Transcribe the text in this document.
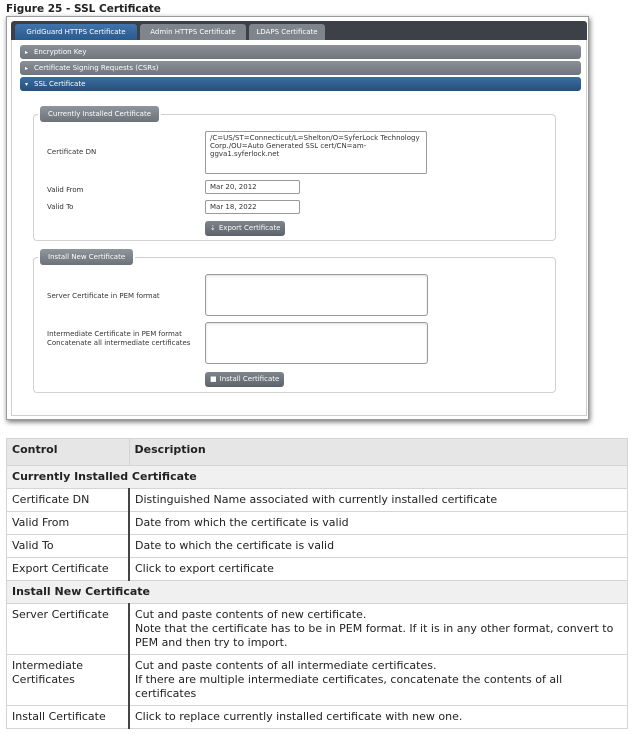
Figure 25 - SSL Certificate
GridGuard HTTPS Certificate	Admin HTTPS Certificate	LDAPS Certificate
▸ Encryption Key
▸ Certificate Signing Requests (CSRs)
▾ SSL Certificate
Currently Installed Certificate
Certificate DN
/C=US/ST=Connecticut/L=Shelton/O=SyferLock Technology Corp./OU=Auto Generated SSL cert/CN=am-ggva1.syferlock.net
Valid From	Mar 20, 2012
Valid To	Mar 18, 2022
⇣ Export Certificate
Install New Certificate
Server Certificate in PEM format
Intermediate Certificate in PEM format Concatenate all intermediate certificates
■ Install Certificate
Control	Description
Currently Installed Certificate	
Certificate DN	Distinguished Name associated with currently installed certificate

Valid From	Date from which the certificate is valid

Valid To	Date to which the certificate is valid

Export Certificate	Click to export certificate

Install New Certificate	
Server Certificate	Cut and paste contents of new certificate.
Note that the certificate has to be in PEM format. If it is in any other format, convert to PEM and then try to import.

Intermediate Certificates	Cut and paste contents of all intermediate certificates.
If there are multiple intermediate certificates, concatenate the contents of all certificates

Install Certificate	Click to replace currently installed certificate with new one.
